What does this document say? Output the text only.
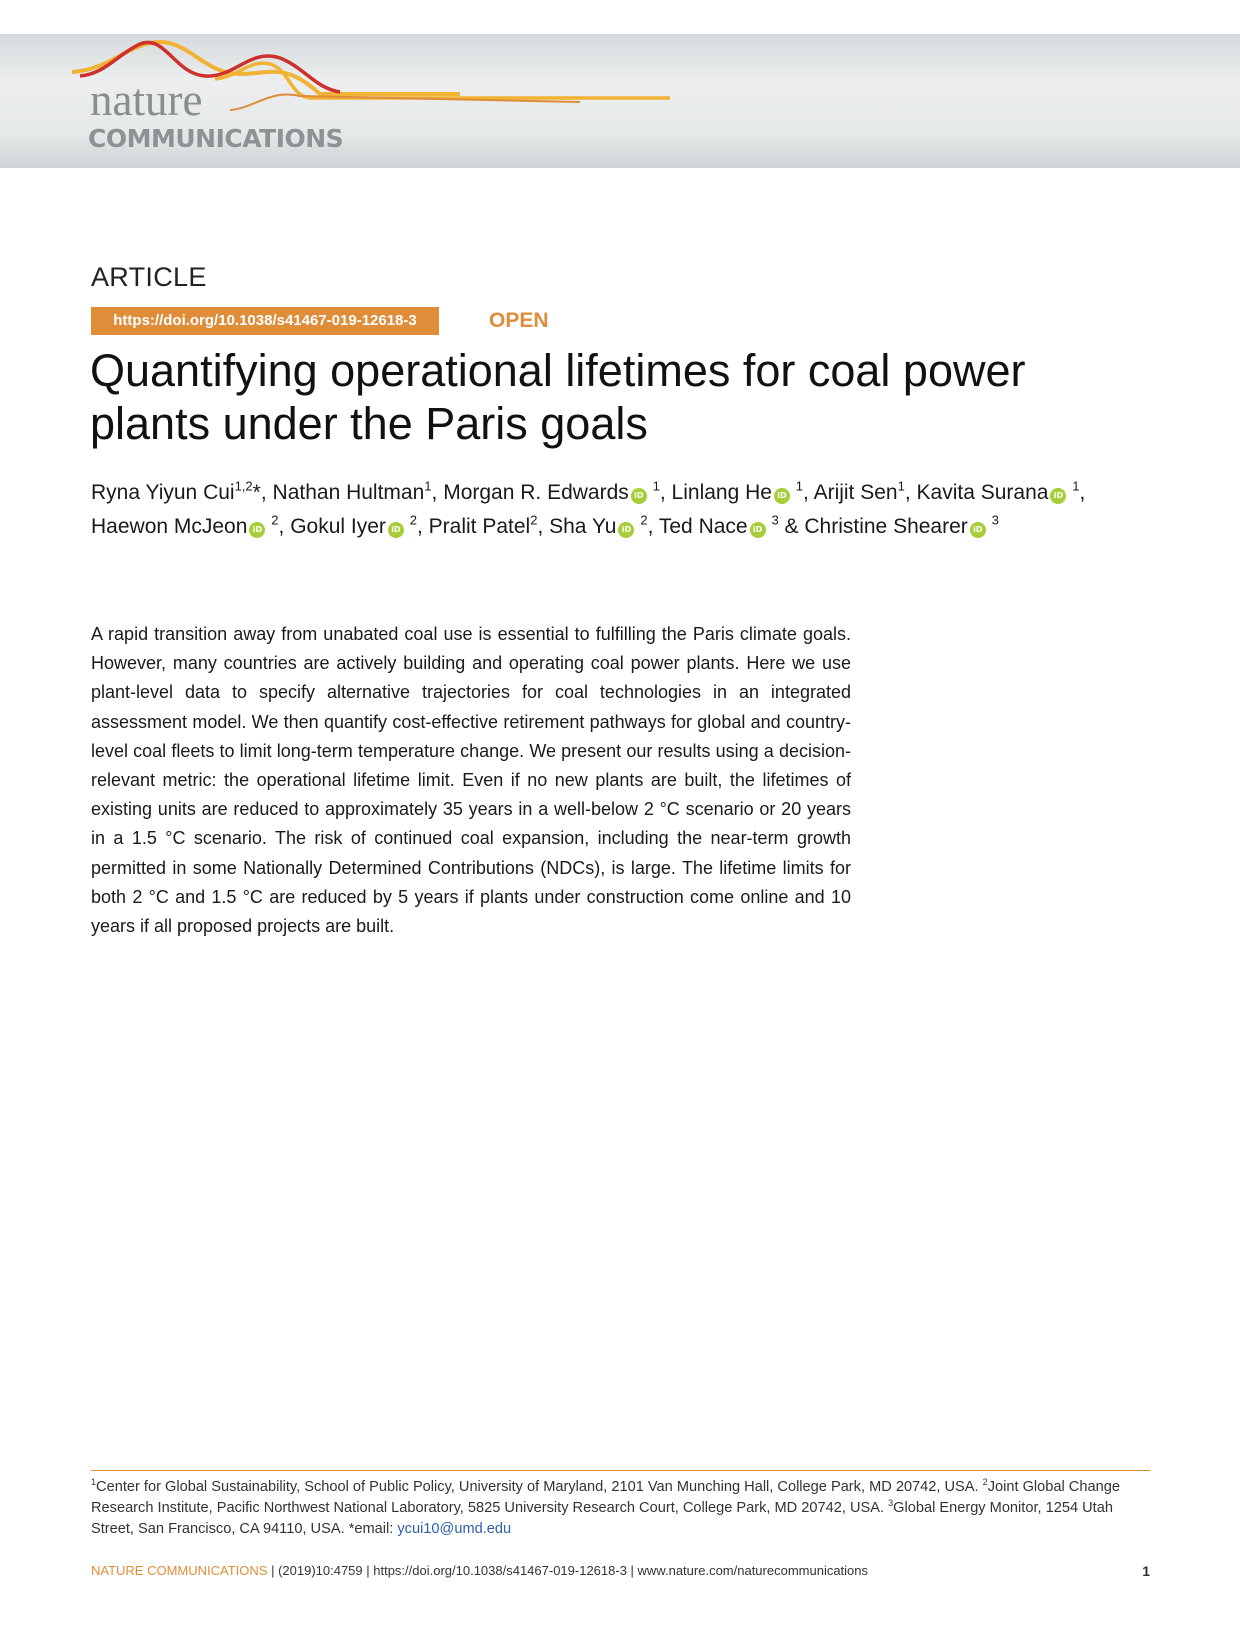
nature
COMMUNICATIONS
ARTICLE
https://doi.org/10.1038/s41467-019-12618-3	OPEN
Quantifying operational lifetimes for coal power plants under the Paris goals
Ryna Yiyun Cui$^{1,2}$*, Nathan Hultman$^1$, Morgan R. Edwards iD $^1$, Linlang He iD $^1$, Arijit Sen$^1$, Kavita Surana iD $^1$, Haewon McJeon iD $^2$, Gokul Iyer iD $^2$, Pralit Patel$^2$, Sha Yu iD $^2$, Ted Nace iD $^3$ & Christine Shearer iD $^3$

A rapid transition away from unabated coal use is essential to fulfilling the Paris climate goals. However, many countries are actively building and operating coal power plants. Here we use plant-level data to specify alternative trajectories for coal technologies in an integrated assessment model. We then quantify cost-effective retirement pathways for global and country-level coal fleets to limit long-term temperature change. We present our results using a decision-relevant metric: the operational lifetime limit. Even if no new plants are built, the lifetimes of existing units are reduced to approximately 35 years in a well-below 2 °C scenario or 20 years in a 1.5 °C scenario. The risk of continued coal expansion, including the near-term growth permitted in some Nationally Determined Contributions (NDCs), is large. The lifetime limits for both 2 °C and 1.5 °C are reduced by 5 years if plants under construction come online and 10 years if all proposed projects are built.

$^1$Center for Global Sustainability, School of Public Policy, University of Maryland, 2101 Van Munching Hall, College Park, MD 20742, USA. $^2$Joint Global Change Research Institute, Pacific Northwest National Laboratory, 5825 University Research Court, College Park, MD 20742, USA. $^3$Global Energy Monitor, 1254 Utah Street, San Francisco, CA 94110, USA. *email: ycui10@umd.edu
NATURE COMMUNICATIONS | (2019)10:4759 | https://doi.org/10.1038/s41467-019-12618-3 | www.nature.com/naturecommunications	1
